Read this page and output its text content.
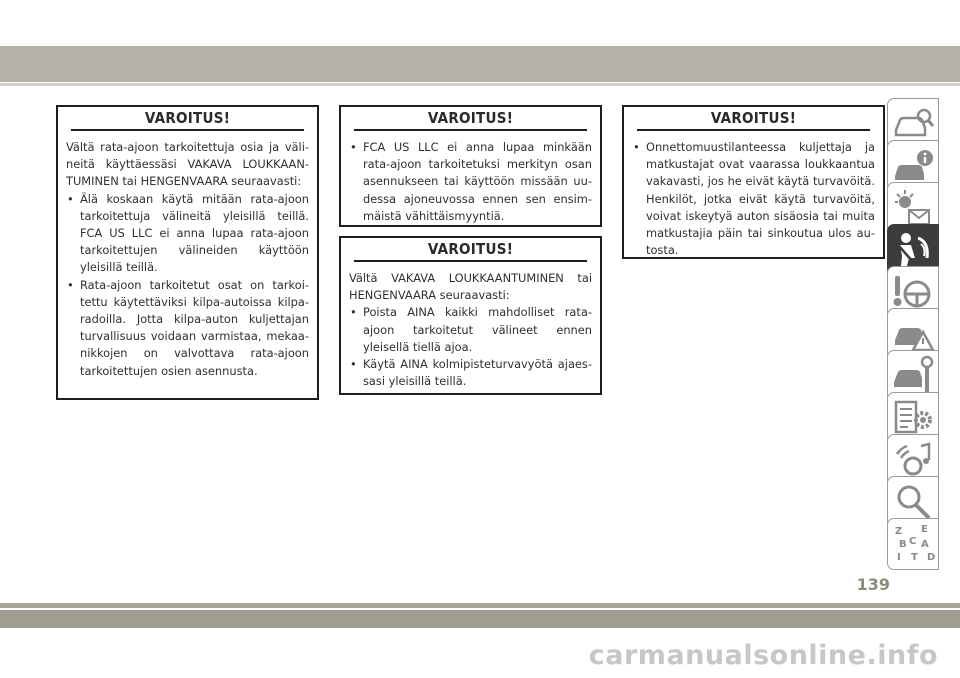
VAROITUS!

Vältä rata-ajoon tarkoitettuja osia ja välineitä käyttäessäsi VAKAVA LOUKKAANTUMINEN tai HENGENVAARA seuraavasti:

• Älä koskaan käytä mitään rata-ajoon tarkoitettuja välineitä yleisillä teillä. FCA US LLC ei anna lupaa rata-ajoon tarkoitettujen välineiden käyttöön yleisillä teillä.
• Rata-ajoon tarkoitetut osat on tarkoitettu käytettäviksi kilpa-autoissa kilparadoilla. Jotta kilpa-auton kuljettajan turvallisuus voidaan varmistaa, mekaanikkojen on valvottava rata-ajoon tarkoitettujen osien asennusta.
VAROITUS!
• FCA US LLC ei anna lupaa minkään rata-ajoon tarkoitetuksi merkityn osan asennukseen tai käyttöön missään uudessa ajoneuvossa ennen sen ensimmäistä vähittäismyyntiä.
VAROITUS!

Vältä VAKAVA LOUKKAANTUMINEN tai HENGENVAARA seuraavasti:

• Poista AINA kaikki mahdolliset rataajoon tarkoitetut välineet ennen yleisellä tiellä ajoa.
• Käytä AINA kolmipisteturvavyötä ajaessasi yleisillä teillä.
VAROITUS!
• Onnettomuustilanteessa kuljettaja ja matkustajat ovat vaarassa loukkaantua vakavasti, jos he eivät käytä turvavöitä. Henkilöt, jotka eivät käytä turvavöitä, voivat iskeytyä auton sisäosia tai muita matkustajia päin tai sinkoutua ulos autosta.
Z E
B A
C
D
I T
139
carmanualsonline.info
